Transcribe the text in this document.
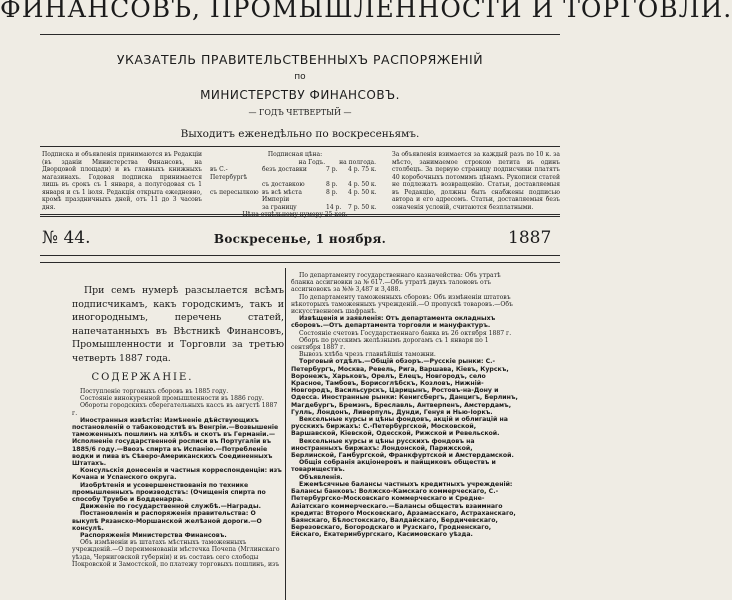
ФИНАНСОВЪ, ПРОМЫШЛЕННОСТИ И ТОРГОВЛИ.
УКАЗАТЕЛЬ ПРАВИТЕЛЬСТВЕННЫХЪ РАСПОРЯЖЕНІЙ
по
МИНИСТЕРСТВУ ФИНАНСОВЪ.
— ГОДЪ ЧЕТВЕРТЫЙ —
Выходитъ еженедѣльно по воскресеньямъ.
Подписка и объявленія принимаются въ Редакціи (въ зданіи Министерства Финансовъ, на Дворцовой площади) и въ главныхъ книжныхъ магазинахъ. Годовая подписка принимается лишь въ срокъ съ 1 января, а полугодовая съ 1 января и съ 1 іюля. Редакція открыта ежедневно, кромѣ праздничныхъ дней, отъ 11 до 3 часовъ дня.
Подписная цѣна:
на Годъ. на полгода.
въ С.-Петербургѣ
безъ доставки	7 р.	4 р. 75 к.
съ доставкою	8 р.	4 р. 50 к.
съ пересылкою въ всѣ мѣста Имперіи
8 р.	4 р. 50 к.
за границу	14 р.	7 р. 50 к.
За объявленія взимается за каждый разъ по 10 к. за мѣсто, занимаемое строкою петита въ одинъ столбецъ. За первую страницу подписчики платятъ 40 коробочныхъ потомимъ цѣнамъ. Рукописи статей не подлежатъ возвращенію. Статьи, доставляемыя въ Редакцію, должны быть снабжены подписью автора и его адресомъ. Статьи, доставляемыя безъ означенія условій, считаются безплатными.
№ 44.	Воскресенье, 1 ноября.	1887
При семъ нумерѣ разсылается всѣмъ подписчикамъ, какъ городскимъ, такъ и иногороднымъ, перечень статей, напечатанныхъ въ Вѣстникѣ Финансовъ, Промышленности и Торговли за третью четверть 1887 года.
СОДЕРЖАНІЕ.

Поступленіе торговыхъ сборовъ въ 1885 году.

Состояніе винокуренной промышленности въ 1886 году.

Обороты городскихъ сберегательныхъ кассъ въ августѣ 1887 г.

Иностранныя извѣстія: Измѣненіе дѣйствующихъ постановленій о табаководствѣ въ Венгріи.—Возвышеніе таможенныхъ пошлинъ на хлѣбъ и скотъ въ Германіи.—Исполненіе государственной росписи въ Португаліи въ 1885/6 году.—Ввозъ спирта въ Испанію.—Потребленіе водки и пива въ Сѣверо-Американскихъ Соединенныхъ Штатахъ.

Консульскія донесенія и частныя корреспонденціи: изъ Кочана и Успанского округа.

Изобрѣтенія и усовершенствованія по технике промышленныхъ производствъ: (Очищенія спирта по способу Трувбе и Бодденарра.

Движеніе по государственной службѣ.—Награды.

Постановленія и распоряженія правительства: О выкупѣ Рязанско-Моршанской желѣзной дороги.—О консулѣ.

Распоряженія Министерства Финансовъ.

Объ измѣненіи въ штатахъ мѣстныхъ таможенныхъ учрежденій.—О переименованіи мѣстечка Почепа (Мглинскаго уѣзда, Черниговской губерніи) и въ составъ сего слободы Покровской и Замостской, по платежу торговыхъ пошлинъ, изъ

По департаменту государственнаго казначейства: Объ утратѣ бланка ассигновки за № 617.—Объ утратѣ двухъ талоновъ отъ ассигновокъ за №№ 3,487 и 3,488.

По департаменту таможенныхъ сборовъ: Объ измѣненіи штатовъ нѣкоторыхъ таможенныхъ учрежденій.—О пропускѣ товаровъ.—Объ искусственномъ шафранѣ.

Извѣщенія и заявленія: Отъ департамента окладныхъ сборовъ.—Отъ департамента торговли и мануфактуръ.

Состояніе счетовъ Государственнаго банка въ 26 октября 1887 г.

Оборъ по русскимъ желѣзнымъ дорогамъ съ 1 января по 1 сентября 1887 г.

Вывозъ хлѣба чрезъ главнѣйшія таможни.

Торговый отдѣлъ.—Общій обзоръ.—Русскіе рынки: С.-Петербургъ, Москва, Ревель, Рига, Варшава, Кіевъ, Курскъ, Воронежъ, Харьковъ, Орелъ, Елецъ, Новгородъ, село Красное, Тамбовъ, Борисоглѣбскъ, Козловъ, Нижній-Новгородъ, Васильсурскъ, Царицынъ, Ростовъ-на-Дону и Одесса. Иностранные рынки: Кенигсбергъ, Данцигъ, Берлинъ, Магдебургъ, Бремэнъ, Бреславль, Антверпенъ, Амстердамъ, Гулль, Лондонъ, Ливерпуль, Дунди, Генуя и Нью-Іоркъ.

Вексельные курсы и цѣны фондовъ, акцій и облигацій на русскихъ биржахъ: С.-Петербургской, Московской, Варшавской, Кіевской, Одесской, Рижской и Ревельской.

Вексельные курсы и цѣны русскихъ фондовъ на иностранныхъ биржахъ: Лондонской, Парижской, Берлинской, Гамбургской, Франкфуртской и Амстердамской.

Общія собранія акціонеровъ и пайщиковъ обществъ и товариществъ.

Объявленія.

Ежемѣсячные балансы частныхъ кредитныхъ учрежденій: Балансы банковъ: Волжско-Камскаго коммерческаго, С.-Петербургско-Московскаго коммерческаго и Средне-Азіатскаго коммерческаго.—Балансы обществъ взаимнаго кредита: Второго Московскаго, Арзамасскаго, Астраханскаго, Баянскаго, Бѣлостокскаго, Валдайскаго, Бердичевскаго, Березовскаго, Богородскаго и Рузскаго, Гродненскаго, Ейскаго, Екатеринбургскаго, Касимовскаго уѣзда.
